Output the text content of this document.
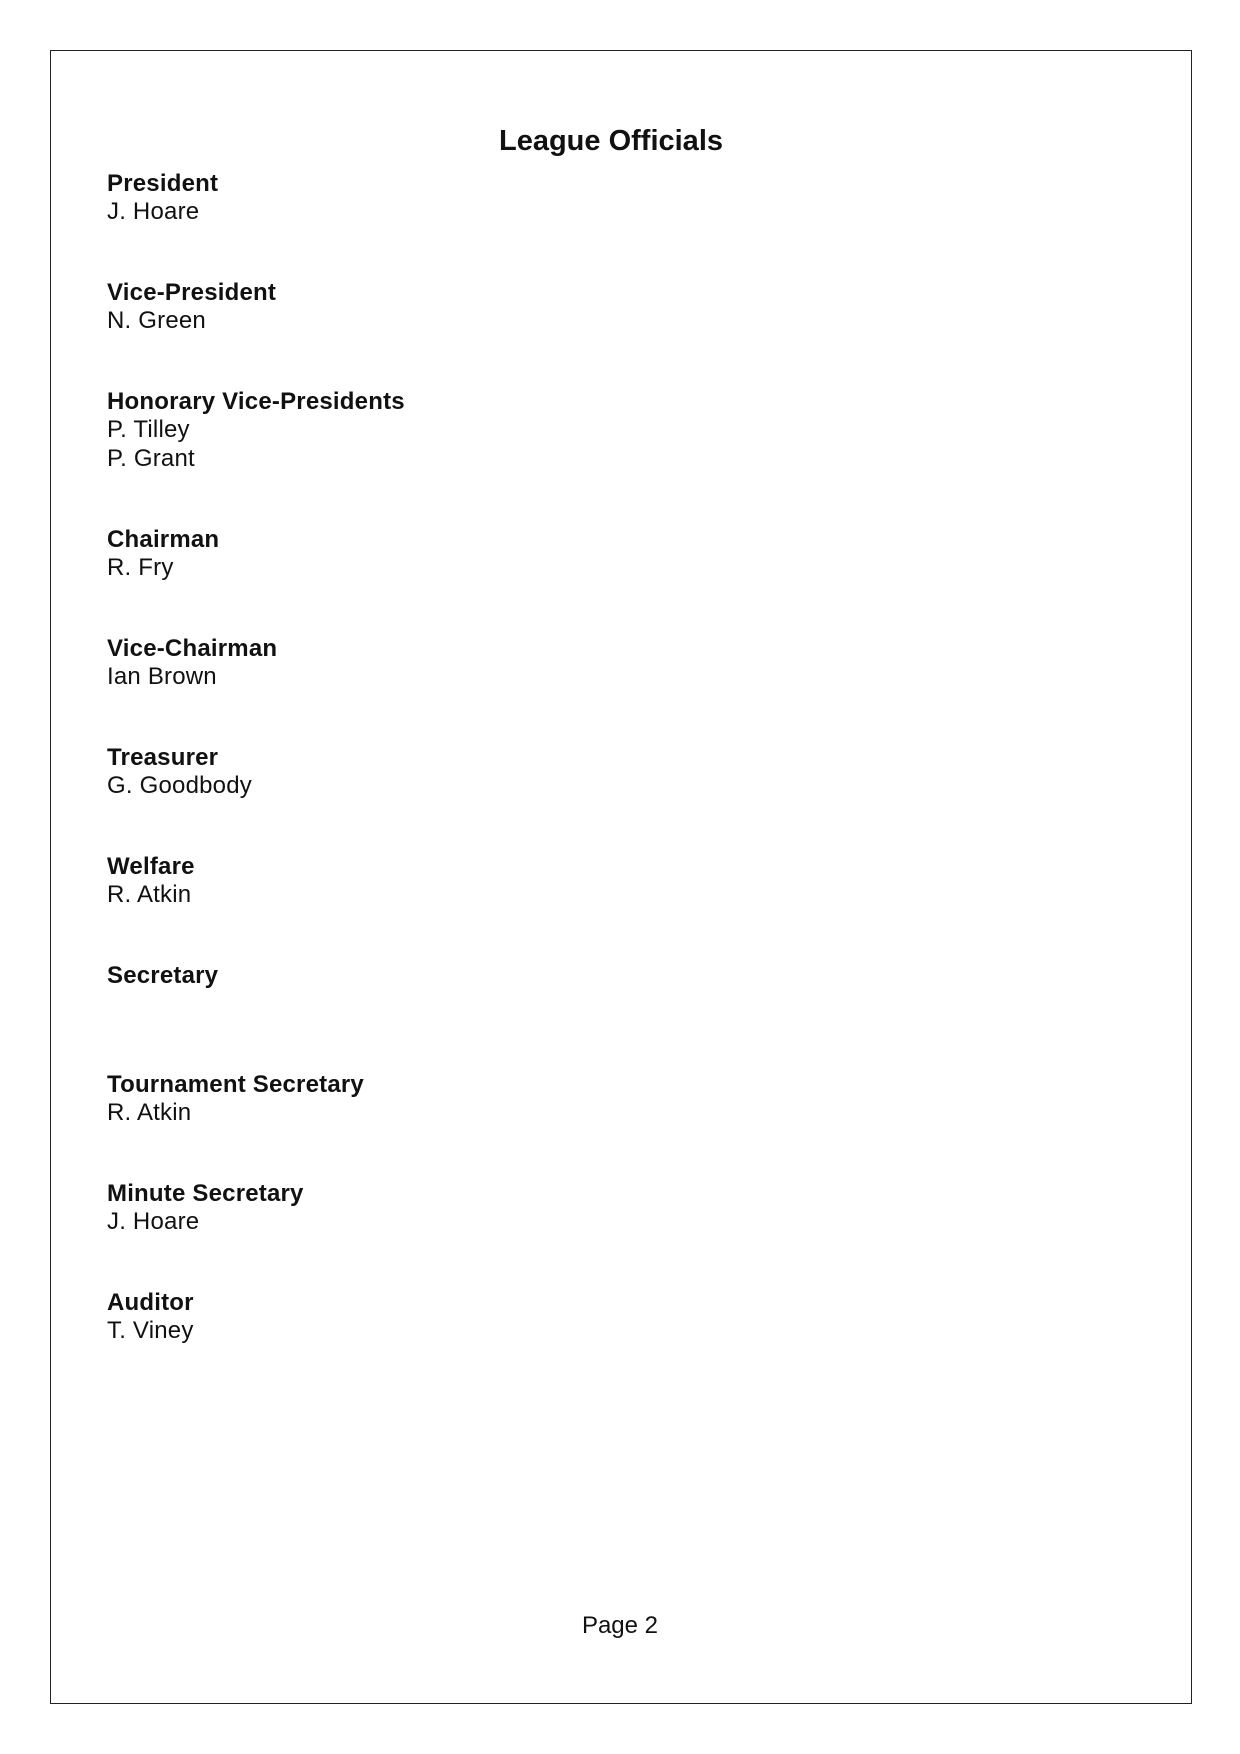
League Officials
President
J. Hoare
Vice-President
N. Green
Honorary Vice-Presidents
P. Tilley
P. Grant
Chairman
R. Fry
Vice-Chairman
Ian Brown
Treasurer
G. Goodbody
Welfare
R. Atkin
Secretary
Tournament Secretary
R. Atkin
Minute Secretary
J. Hoare
Auditor
T. Viney
Page 2
